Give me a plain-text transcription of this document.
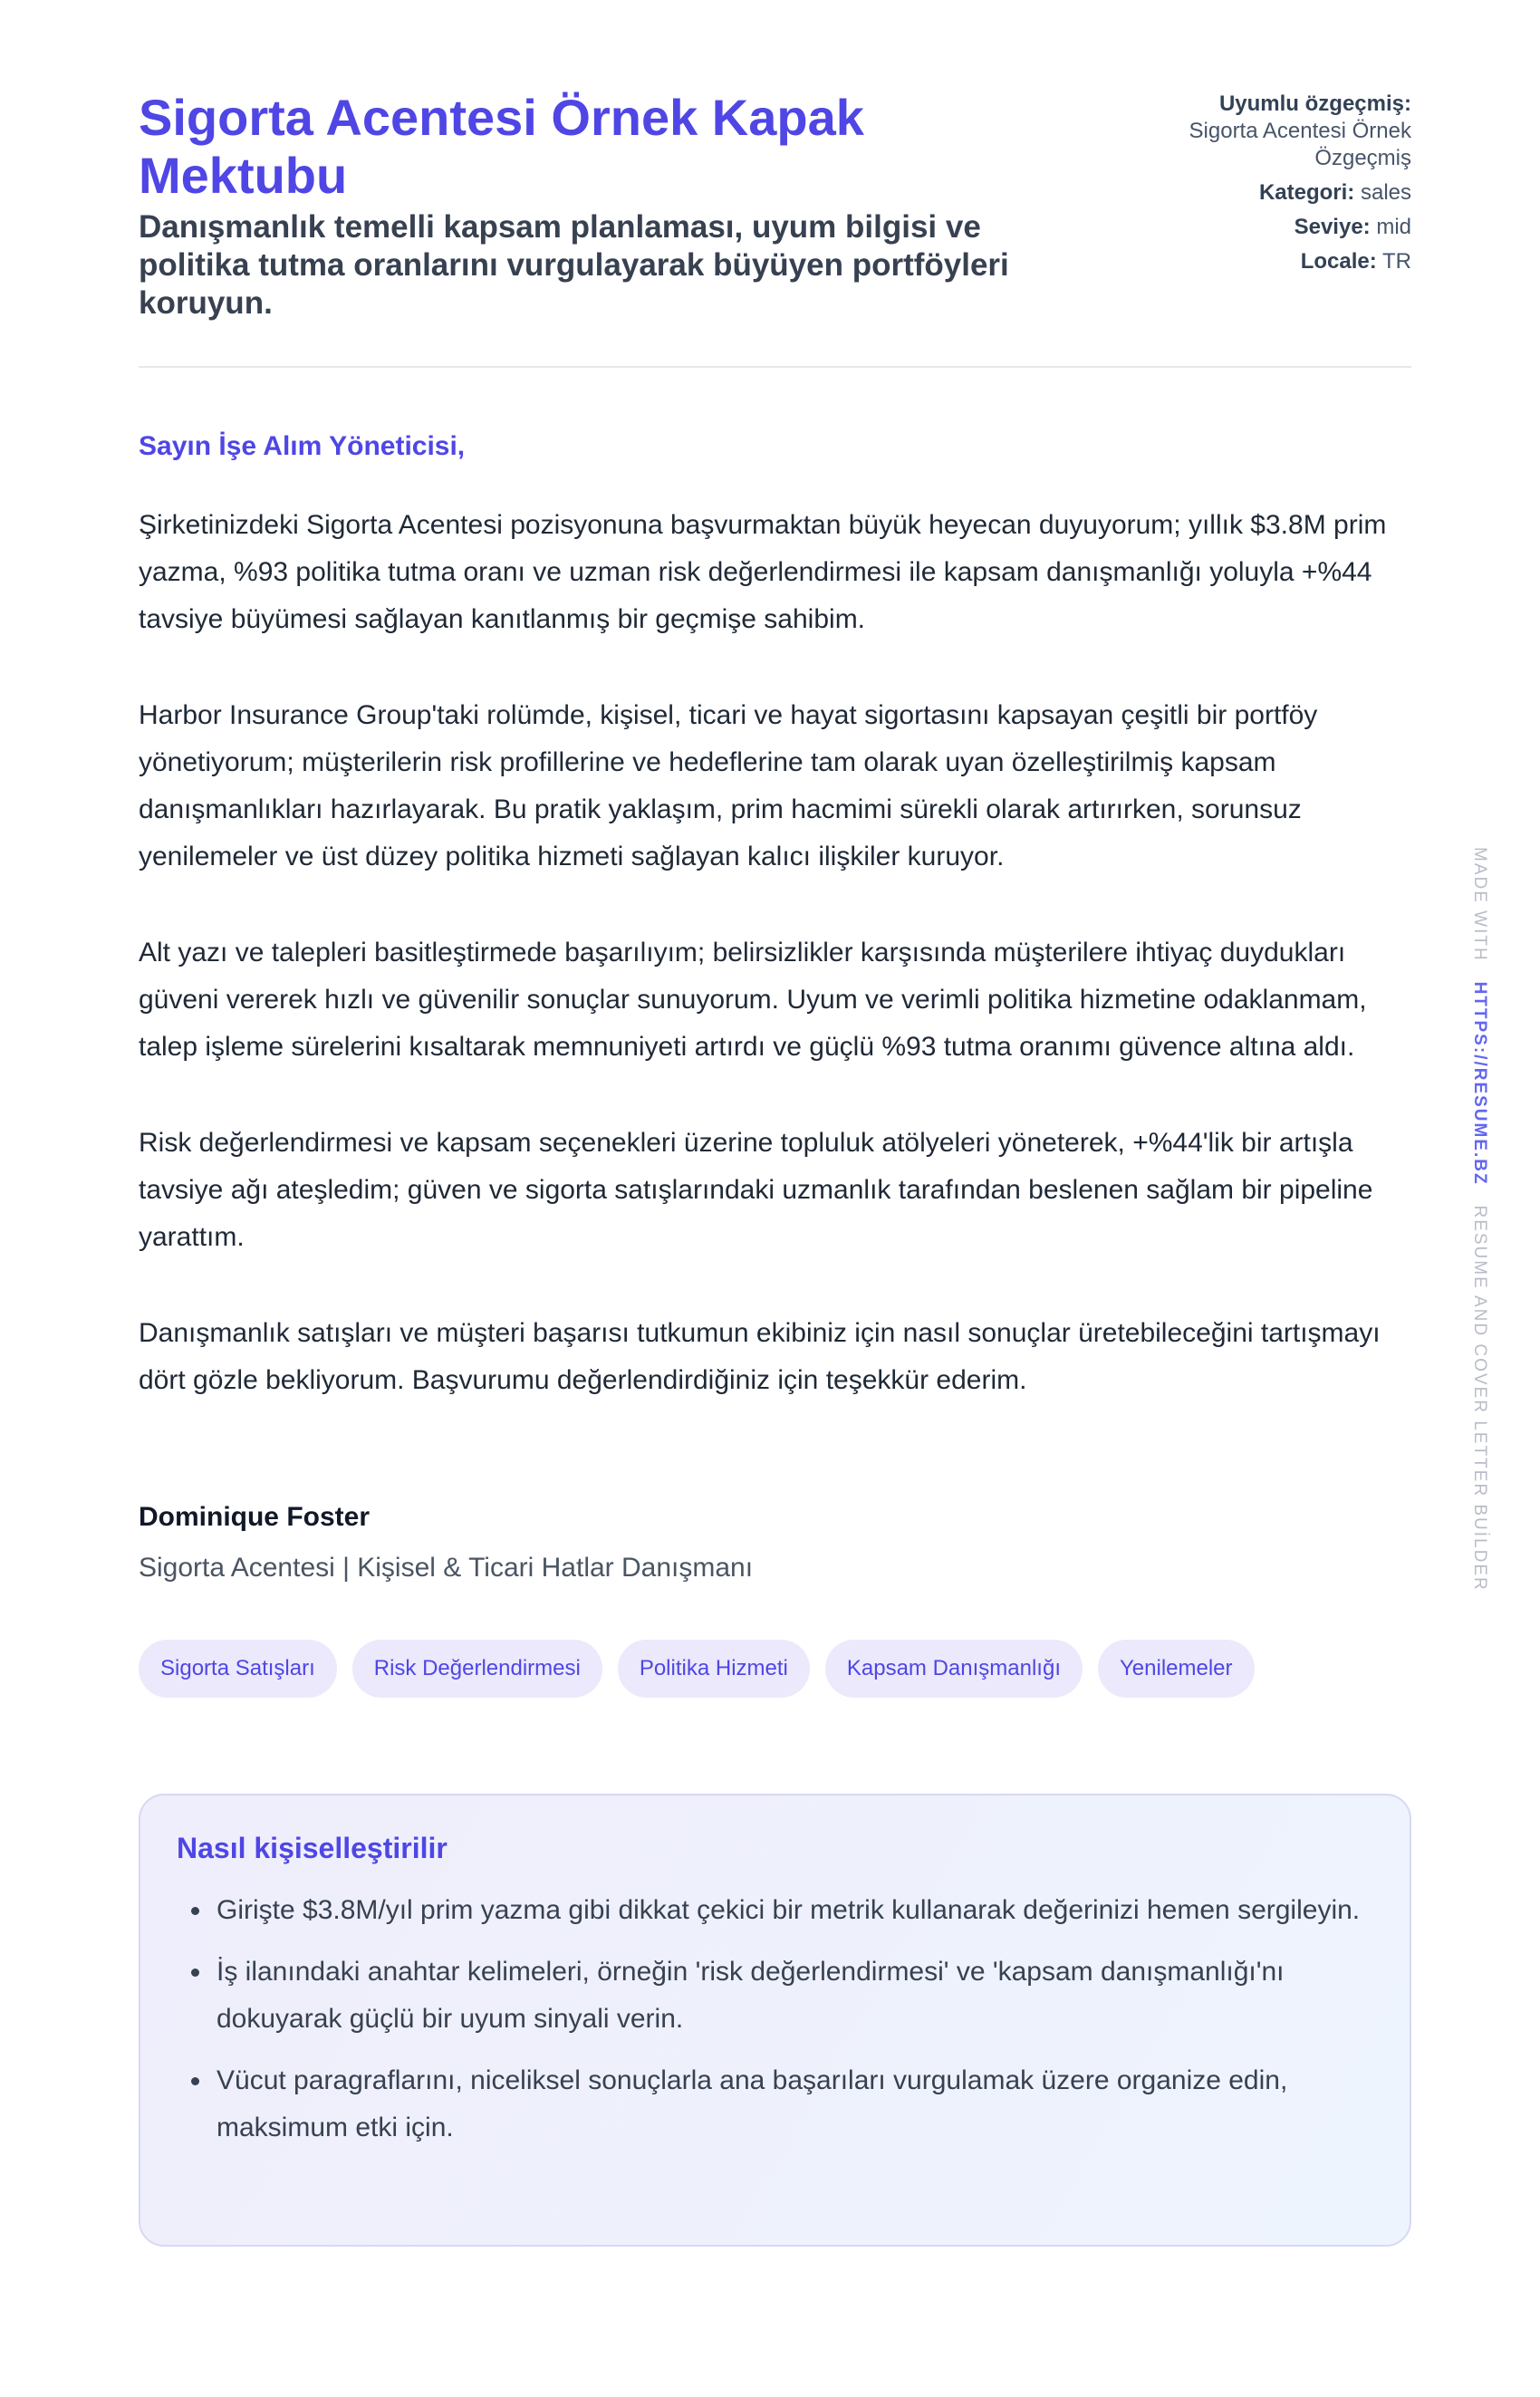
Sigorta Acentesi Örnek Kapak Mektubu
Danışmanlık temelli kapsam planlaması, uyum bilgisi ve politika tutma oranlarını vurgulayarak büyüyen portföyleri koruyun.
Uyumlu özgeçmiş:
Sigorta Acentesi Örnek Özgeçmiş
Kategori: sales
Seviye: mid
Locale: TR
Sayın İşe Alım Yöneticisi,

Şirketinizdeki Sigorta Acentesi pozisyonuna başvurmaktan büyük heyecan duyuyorum; yıllık $3.8M prim yazma, %93 politika tutma oranı ve uzman risk değerlendirmesi ile kapsam danışmanlığı yoluyla +%44 tavsiye büyümesi sağlayan kanıtlanmış bir geçmişe sahibim.

Harbor Insurance Group'taki rolümde, kişisel, ticari ve hayat sigortasını kapsayan çeşitli bir portföy yönetiyorum; müşterilerin risk profillerine ve hedeflerine tam olarak uyan özelleştirilmiş kapsam danışmanlıkları hazırlayarak. Bu pratik yaklaşım, prim hacmimi sürekli olarak artırırken, sorunsuz yenilemeler ve üst düzey politika hizmeti sağlayan kalıcı ilişkiler kuruyor.

Alt yazı ve talepleri basitleştirmede başarılıyım; belirsizlikler karşısında müşterilere ihtiyaç duydukları güveni vererek hızlı ve güvenilir sonuçlar sunuyorum. Uyum ve verimli politika hizmetine odaklanmam, talep işleme sürelerini kısaltarak memnuniyeti artırdı ve güçlü %93 tutma oranımı güvence altına aldı.

Risk değerlendirmesi ve kapsam seçenekleri üzerine topluluk atölyeleri yöneterek, +%44'lik bir artışla tavsiye ağı ateşledim; güven ve sigorta satışlarındaki uzmanlık tarafından beslenen sağlam bir pipeline yarattım.

Danışmanlık satışları ve müşteri başarısı tutkumun ekibiniz için nasıl sonuçlar üretebileceğini tartışmayı dört gözle bekliyorum. Başvurumu değerlendirdiğiniz için teşekkür ederim.

Dominique Foster
Sigorta Acentesi | Kişisel & Ticari Hatlar Danışmanı
Sigorta Satışları	Risk Değerlendirmesi	Politika Hizmeti	Kapsam Danışmanlığı	Yenilemeler
Nasıl kişiselleştirilir
• Girişte $3.8M/yıl prim yazma gibi dikkat çekici bir metrik kullanarak değerinizi hemen sergileyin.
• İş ilanındaki anahtar kelimeleri, örneğin 'risk değerlendirmesi' ve 'kapsam danışmanlığı'nı dokuyarak güçlü bir uyum sinyali verin.
• Vücut paragraflarını, niceliksel sonuçlarla ana başarıları vurgulamak üzere organize edin, maksimum etki için.
MADE WITH   HTTPS://RESUME.BZ   RESUME AND COVER LETTER BUİLDER
